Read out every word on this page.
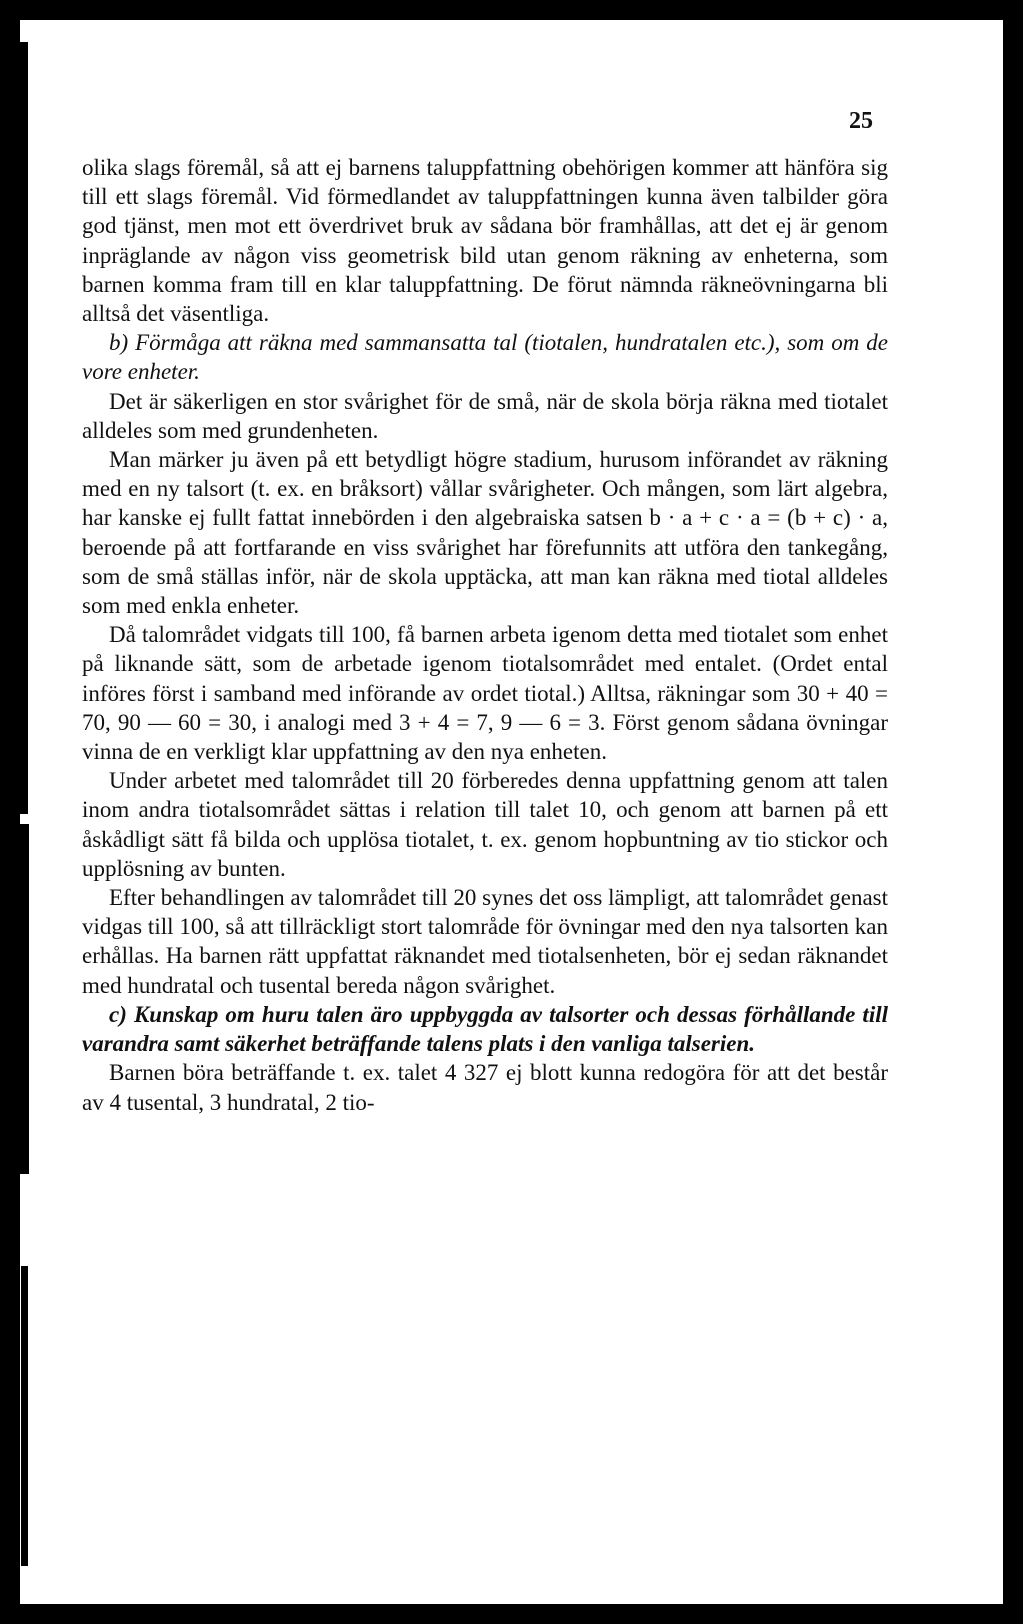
25

olika slags föremål, så att ej barnens taluppfattning obehörigen kommer att hänföra sig till ett slags föremål. Vid förmedlandet av taluppfattningen kunna även talbilder göra god tjänst, men mot ett överdrivet bruk av sådana bör framhållas, att det ej är genom inpräglande av någon viss geometrisk bild utan genom räkning av enheterna, som barnen komma fram till en klar taluppfattning. De förut nämnda räkneövningarna bli alltså det väsentliga.

b) Förmåga att räkna med sammansatta tal (tiotalen, hundratalen etc.), som om de vore enheter.

Det är säkerligen en stor svårighet för de små, när de skola börja räkna med tiotalet alldeles som med grundenheten.

Man märker ju även på ett betydligt högre stadium, hurusom införandet av räkning med en ny talsort (t. ex. en bråksort) vållar svårigheter. Och mången, som lärt algebra, har kanske ej fullt fattat innebörden i den algebraiska satsen b · a + c · a = (b + c) · a, beroende på att fortfarande en viss svårighet har förefunnits att utföra den tankegång, som de små ställas inför, när de skola upptäcka, att man kan räkna med tiotal alldeles som med enkla enheter.

Då talområdet vidgats till 100, få barnen arbeta igenom detta med tiotalet som enhet på liknande sätt, som de arbetade igenom tiotalsområdet med entalet. (Ordet ental införes först i samband med införande av ordet tiotal.) Alltsa, räkningar som 30 + 40 = 70, 90 — 60 = 30, i analogi med 3 + 4 = 7, 9 — 6 = 3. Först genom sådana övningar vinna de en verkligt klar uppfattning av den nya enheten.

Under arbetet med talområdet till 20 förberedes denna uppfattning genom att talen inom andra tiotalsområdet sättas i relation till talet 10, och genom att barnen på ett åskådligt sätt få bilda och upplösa tiotalet, t. ex. genom hopbuntning av tio stickor och upplösning av bunten.

Efter behandlingen av talområdet till 20 synes det oss lämpligt, att talområdet genast vidgas till 100, så att tillräckligt stort talområde för övningar med den nya talsorten kan erhållas. Ha barnen rätt uppfattat räknandet med tiotalsenheten, bör ej sedan räknandet med hundratal och tusental bereda någon svårighet.

c) Kunskap om huru talen äro uppbyggda av talsorter och dessas förhållande till varandra samt säkerhet beträffande talens plats i den vanliga talserien.

Barnen böra beträffande t. ex. talet 4 327 ej blott kunna redogöra för att det består av 4 tusental, 3 hundratal, 2 tio-
